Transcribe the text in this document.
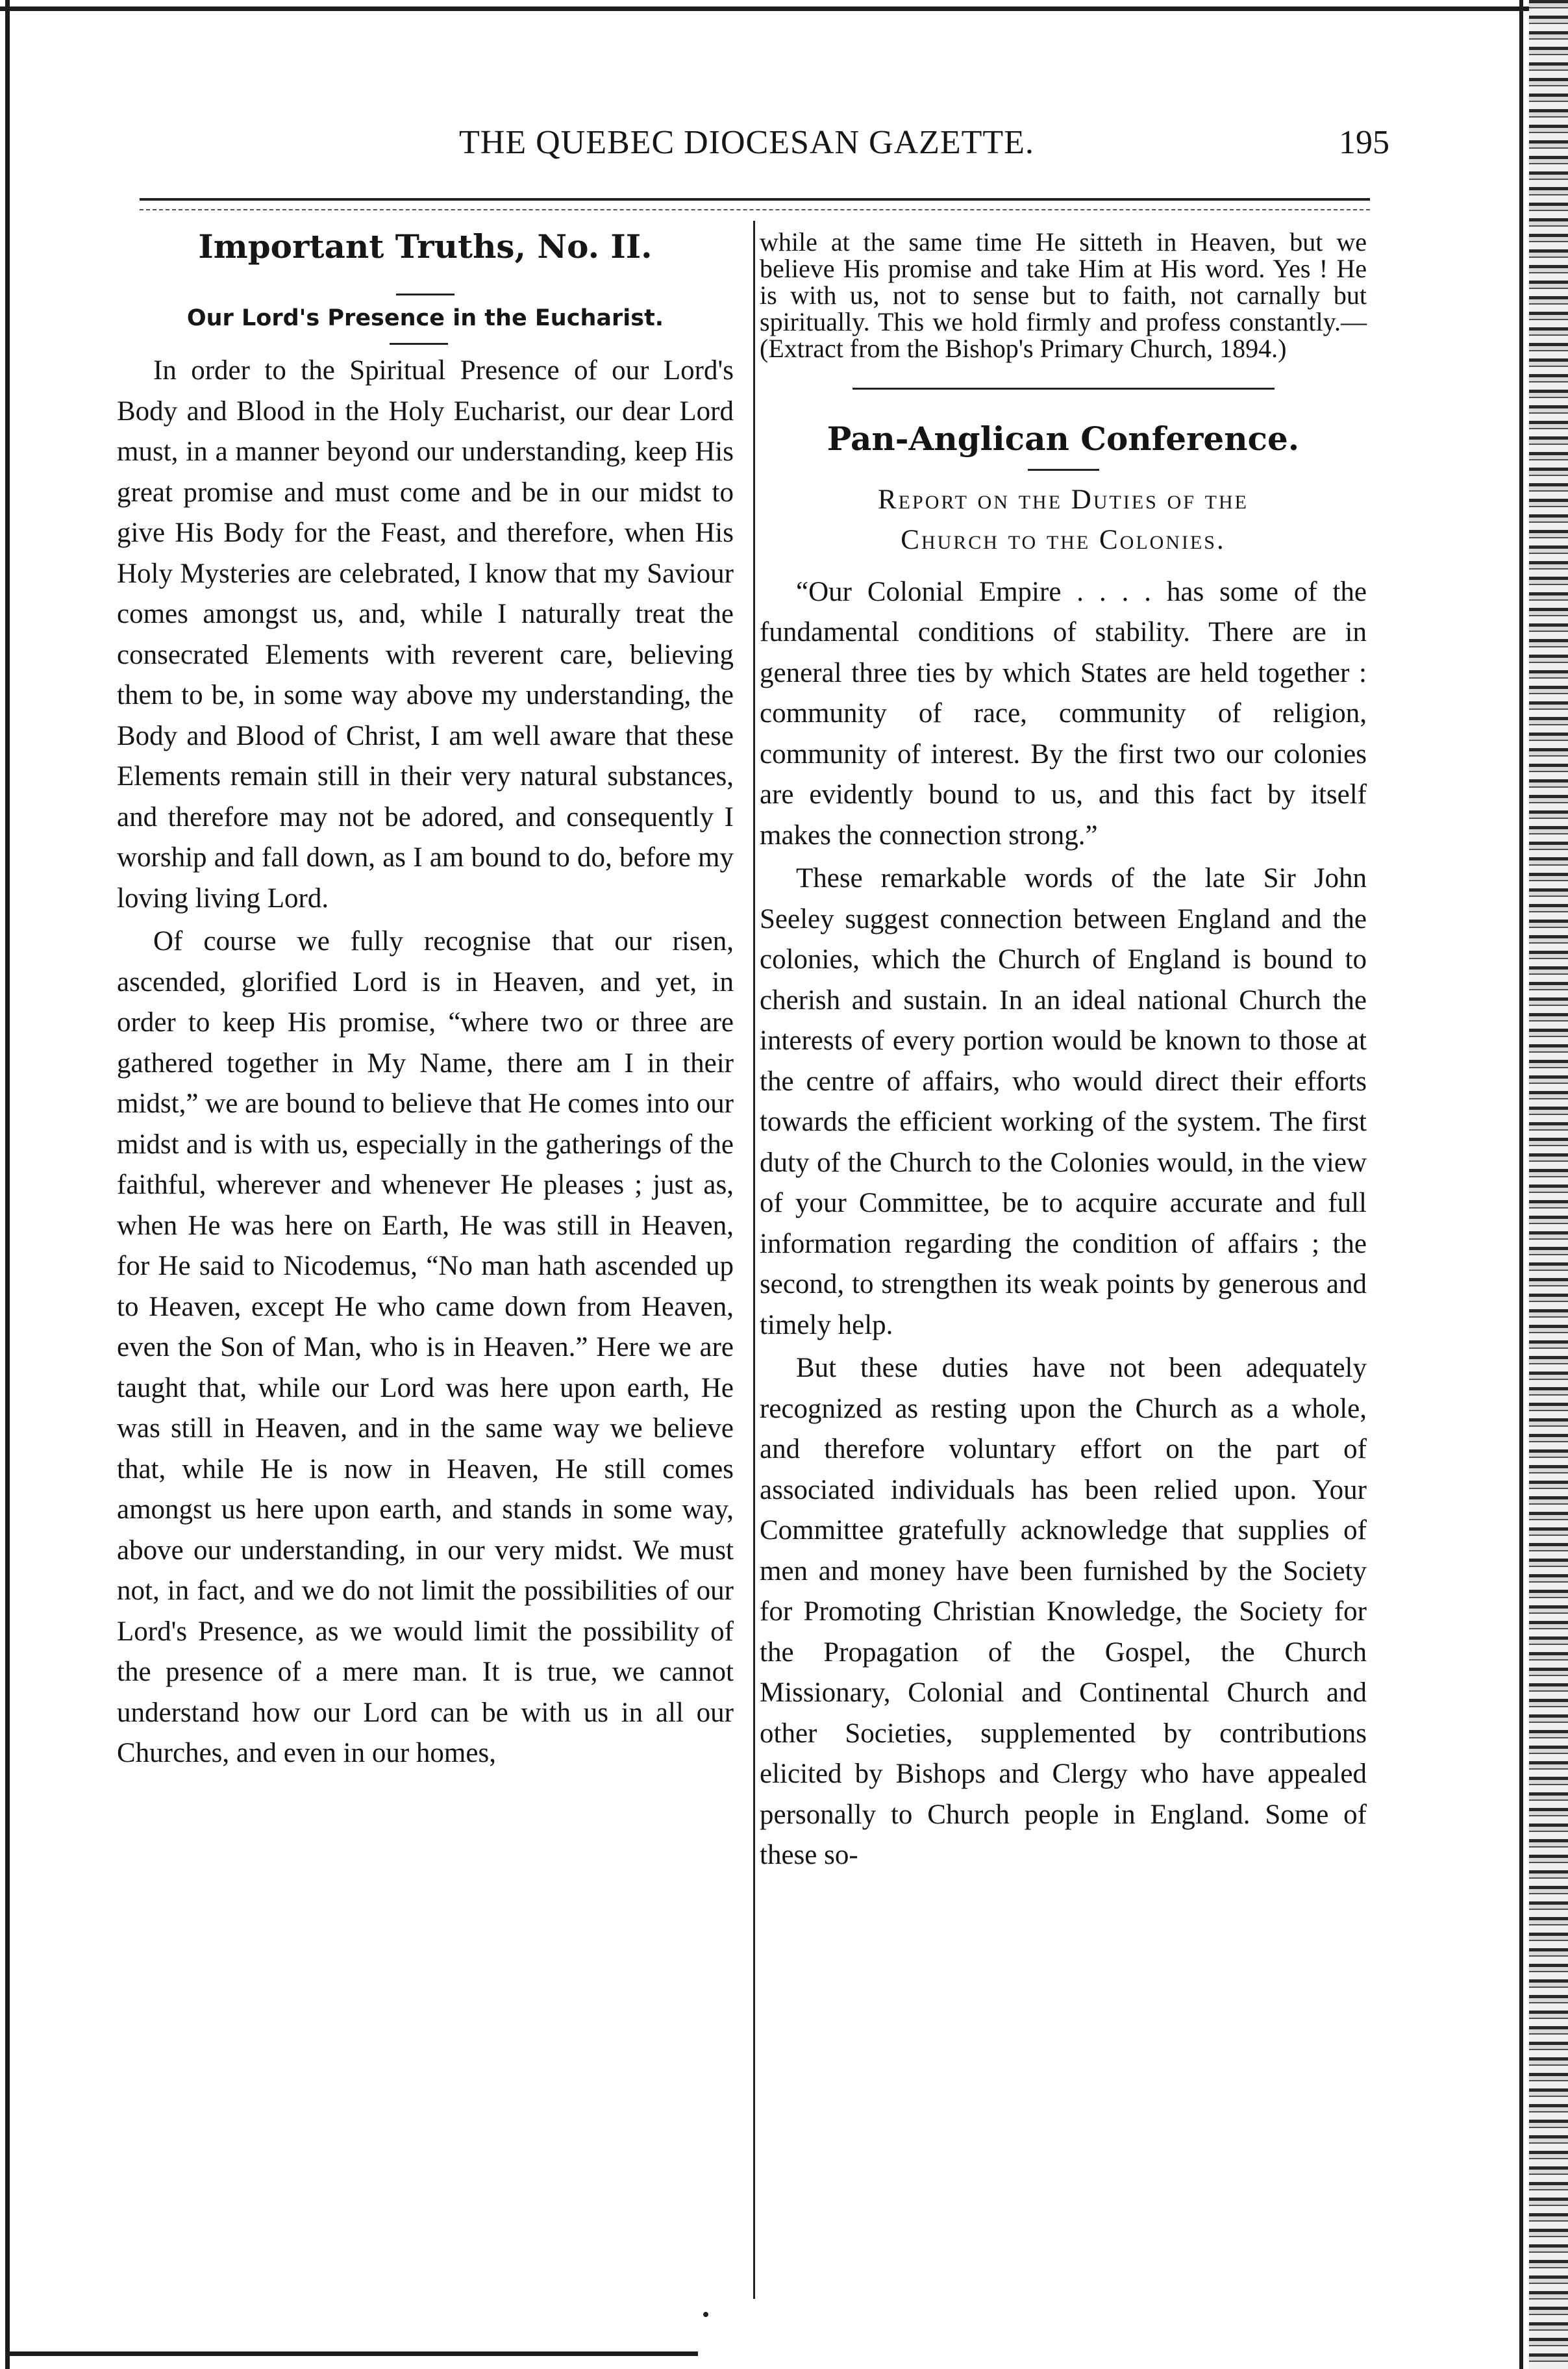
THE QUEBEC DIOCESAN GAZETTE.	195
Important Truths, No. II.
Our Lord's Presence in the Eucharist.

In order to the Spiritual Presence of our Lord's Body and Blood in the Holy Eucharist, our dear Lord must, in a manner beyond our understanding, keep His great promise and must come and be in our midst to give His Body for the Feast, and therefore, when His Holy Mysteries are celebrated, I know that my Saviour comes amongst us, and, while I naturally treat the consecrated Elements with reverent care, believing them to be, in some way above my understanding, the Body and Blood of Christ, I am well aware that these Elements remain still in their very natural substances, and therefore may not be adored, and consequently I worship and fall down, as I am bound to do, before my loving living Lord.

Of course we fully recognise that our risen, ascended, glorified Lord is in Heaven, and yet, in order to keep His promise, “where two or three are gathered together in My Name, there am I in their midst,” we are bound to believe that He comes into our midst and is with us, especially in the gatherings of the faithful, wherever and whenever He pleases ; just as, when He was here on Earth, He was still in Heaven, for He said to Nicodemus, “No man hath ascended up to Heaven, except He who came down from Heaven, even the Son of Man, who is in Heaven.” Here we are taught that, while our Lord was here upon earth, He was still in Heaven, and in the same way we believe that, while He is now in Heaven, He still comes amongst us here upon earth, and stands in some way, above our understanding, in our very midst. We must not, in fact, and we do not limit the possibilities of our Lord's Presence, as we would limit the possibility of the presence of a mere man. It is true, we cannot understand how our Lord can be with us in all our Churches, and even in our homes,

while at the same time He sitteth in Heaven, but we believe His promise and take Him at His word. Yes ! He is with us, not to sense but to faith, not carnally but spiritually. This we hold firmly and profess constantly.—(Extract from the Bishop's Primary Church, 1894.)

Pan-Anglican Conference.
Report on the Duties of the
Church to the Colonies.

“Our Colonial Empire . . . . has some of the fundamental conditions of stability. There are in general three ties by which States are held together : community of race, community of religion, community of interest. By the first two our colonies are evidently bound to us, and this fact by itself makes the connection strong.”

These remarkable words of the late Sir John Seeley suggest connection between England and the colonies, which the Church of England is bound to cherish and sustain. In an ideal national Church the interests of every portion would be known to those at the centre of affairs, who would direct their efforts towards the efficient working of the system. The first duty of the Church to the Colonies would, in the view of your Committee, be to acquire accurate and full information regarding the condition of affairs ; the second, to strengthen its weak points by generous and timely help.

But these duties have not been adequately recognized as resting upon the Church as a whole, and therefore voluntary effort on the part of associated individuals has been relied upon. Your Committee gratefully acknowledge that supplies of men and money have been furnished by the Society for Promoting Christian Knowledge, the Society for the Propagation of the Gospel, the Church Missionary, Colonial and Continental Church and other Societies, supplemented by contributions elicited by Bishops and Clergy who have appealed personally to Church people in England. Some of these so-
